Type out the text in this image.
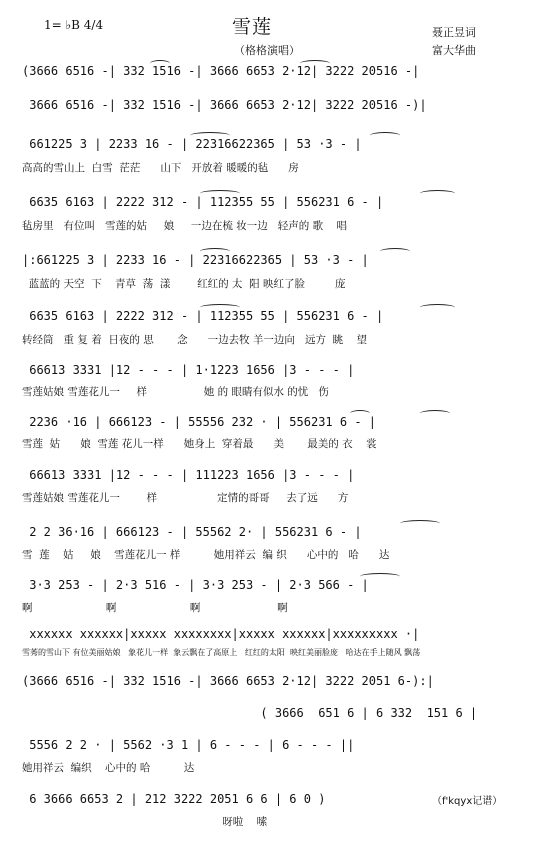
1= ♭B 4/4	雪莲
（格格演唱）
聂正昱词
富大华曲
(3666 6516 -| 332 1516 -| 3666 6653 2·12| 3222 20516 -|
3666 6516 -| 332 1516 -| 3666 6653 2·12| 3222 20516 -)|
661225 3 | 2233 16 - | 22316622365 | 53 ·3 - |
高高的雪山上  白雪  茫茫      山下   开放着 暖暖的毡      房
6635 6163 | 2222 312 - | 112355 55 | 556231 6 - |
毡房里   有位叫   雪莲的姑     娘     一边在梳 妆一边   轻声的 歌    唱
|:661225 3 | 2233 16 - | 22316622365 | 53 ·3 - |
蓝蓝的 天空  下    青草  荡  漾        红红的 太  阳 映红了脸         庞
6635 6163 | 2222 312 - | 112355 55 | 556231 6 - |
转经筒   重 复 着  日夜的 思       念      一边去牧 羊一边向   远方  眺    望
66613 3331 |12 - - - | 1·1223 1656 |3 - - - |
雪莲姑娘 雪莲花儿一     样                 她 的 眼睛有似水 的忧   伤
2236 ·16 | 666123 - | 55556 232 · | 556231 6 - |
雪莲  姑      娘  雪莲 花儿一样      她身上  穿着最      美       最美的 衣    裳
66613 3331 |12 - - - | 111223 1656 |3 - - - |
雪莲姑娘 雪莲花儿一        样                  定情的哥哥     去了远      方
2 2 36·16 | 666123 - | 55562 2· | 556231 6 - |
雪  莲    姑     娘    雪莲花儿一 样          她用祥云  编 织      心中的   哈      达
3·3 253 - | 2·3 516 - | 3·3 253 - | 2·3 566 - |
啊                      啊                      啊                       啊
xxxxxx xxxxxx|xxxxx xxxxxxxx|xxxxx xxxxxx|xxxxxxxxx ·|
雪莠的雪山下 有位美丽姑娘   象花儿一样  象云飘在了高原上   红红的太阳  映红美丽脸庞   哈达在手上随风 飘荡
(3666 6516 -| 332 1516 -| 3666 6653 2·12| 3222 2051 6-):|
( 3666  651 6 | 6 332  151 6 |
5556 2 2 · | 5562 ·3 1 | 6 - - - | 6 - - - ||
她用祥云  编织    心中的 哈          达
6 3666 6653 2 | 212 3222 2051 6 6 | 6 0 )
呀啦    嗦
（f'kqyx记谱）
